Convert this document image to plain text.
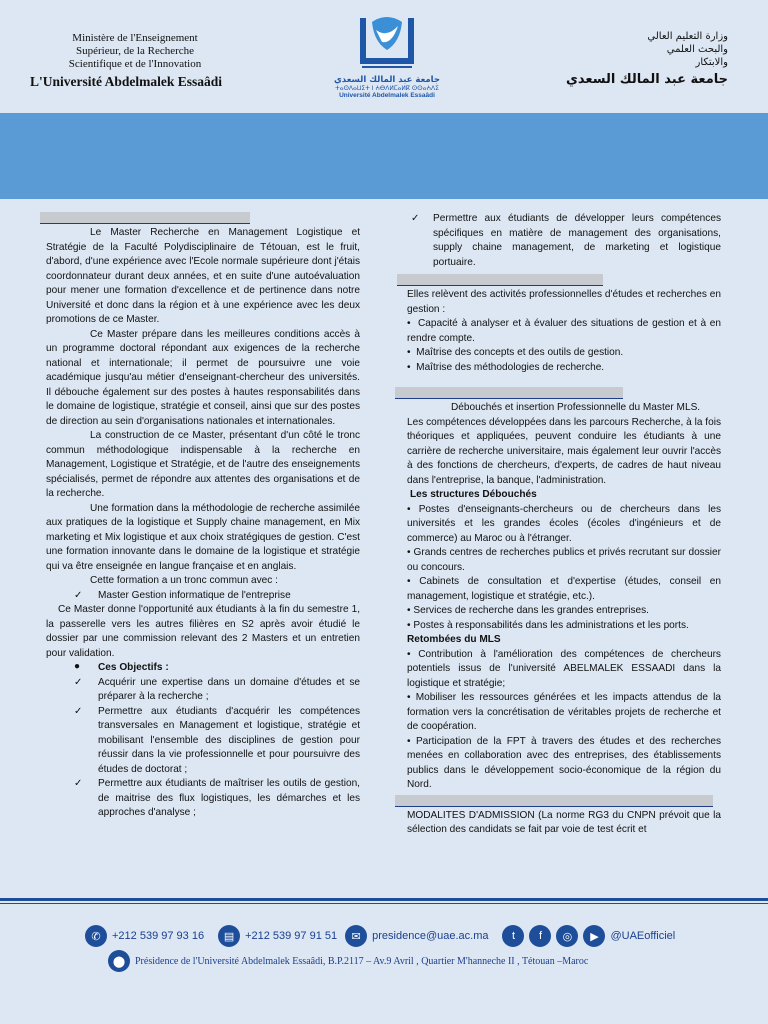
Ministère de l'Enseignement
Supérieur, de la Recherche
Scientifique et de l'Innovation
L'Université Abdelmalek Essaâdi	جامعة عبد المالك السعدي
ⵜⴰⵙⴷⴰⵡⵉⵜ ⵏ ⵄⴱⴷⵍⵎⴰⵍⴽ ⵙⵙⴰⵄⴷⵉ
Université Abdelmalek Essaâdi
وزارة التعليم العالي
والبحث العلمي
والابتكار
جامعة عبد المالك السعدي

Le Master Recherche en Management Logistique et Stratégie de la Faculté Polydisciplinaire de Tétouan, est le fruit, d'abord, d'une expérience avec l'Ecole normale supérieure dont j'étais coordonnateur durant deux années, et en suite d'une autoévaluation pour mener une formation d'excellence et de pertinence dans notre Université et donc dans la région et à une expérience avec les deux promotions de ce Master.

Ce Master prépare dans les meilleures conditions accès à un programme doctoral répondant aux exigences de la recherche national et internationale; il permet de poursuivre une voie académique jusqu'au métier d'enseignant-chercheur des universités. Il débouche également sur des postes à hautes responsabilités dans le domaine de logistique, stratégie et conseil, ainsi que sur des postes de direction au sein d'organisations nationales et internationales.

La construction de ce Master, présentant d'un côté le tronc commun méthodologique indispensable à la recherche en Management, Logistique et Stratégie, et de l'autre des enseignements spécialisés, permet de répondre aux attentes des organisations et de la recherche.

Une formation dans la méthodologie de recherche assimilée aux pratiques de la logistique et Supply chaine management, en Mix marketing et Mix logistique et aux choix stratégiques de gestion. C'est une formation innovante dans le domaine de la logistique et stratégie qui va être enseignée en langue française et en anglais.

Cette formation a un tronc commun avec :

✓ Master Gestion informatique de l'entreprise

Ce Master donne l'opportunité aux étudiants à la fin du semestre 1, la passerelle vers les autres filières en S2 après avoir étudié le dossier par une commission relevant des 2 Masters et un entretien pour validation.

● Ces Objectifs :

✓ Acquérir une expertise dans un domaine d'études et se préparer à la recherche ;

✓ Permettre aux étudiants d'acquérir les compétences transversales en Management et logistique, stratégie et mobilisant l'ensemble des disciplines de gestion pour réussir dans la vie professionnelle et pour poursuivre des études de doctorat ;

✓ Permettre aux étudiants de maîtriser les outils de gestion, de maitrise des flux logistiques, les démarches et les approches d'analyse ;

✓ Permettre aux étudiants de développer leurs compétences spécifiques en matière de management des organisations, supply chaine management, de marketing et logistique portuaire.

Elles relèvent des activités professionnelles d'études et recherches en gestion :

•  Capacité à analyser et à évaluer des situations de gestion et à en rendre compte.

•  Maîtrise des concepts et des outils de gestion.

•  Maîtrise des méthodologies de recherche.

Débouchés et insertion Professionnelle du Master MLS.

Les compétences développées dans les parcours Recherche, à la fois théoriques et appliquées, peuvent conduire les étudiants à une carrière de recherche universitaire, mais également leur ouvrir l'accès à des fonctions de chercheurs, d'experts, de cadres de haut niveau dans l'entreprise, la banque, l'administration.

Les structures Débouchés

• Postes d'enseignants-chercheurs ou de chercheurs dans les universités et les grandes écoles (écoles d'ingénieurs et de commerce) au Maroc ou à l'étranger.

• Grands centres de recherches publics et privés recrutant sur dossier ou concours.

• Cabinets de consultation et d'expertise (études, conseil en management, logistique et stratégie, etc.).

• Services de recherche dans les grandes entreprises.

• Postes à responsabilités dans les administrations et les ports.

Retombées du MLS

• Contribution à l'amélioration des compétences de chercheurs potentiels issus de l'université ABELMALEK ESSAADI dans la logistique et stratégie;

• Mobiliser les ressources générées et les impacts attendus de la formation vers la concrétisation de véritables projets de recherche et de coopération.

• Participation de la FPT à travers des études et des recherches menées en collaboration avec des entreprises, des établissements publics dans le développement socio-économique de la région du Nord.

MODALITES D'ADMISSION (La norme RG3 du CNPN prévoit que la sélection des candidats se fait par voie de test écrit et

✆	+212 539 97 93 16	▤ +212 539 97 91 51	✉	presidence@uae.ac.ma	t	f	◎	▶	@UAEofficiel
⬤ Présidence de l'Université Abdelmalek Essaâdi, B.P.2117 – Av.9 Avril , Quartier M'hanneche II , Tétouan –Maroc
